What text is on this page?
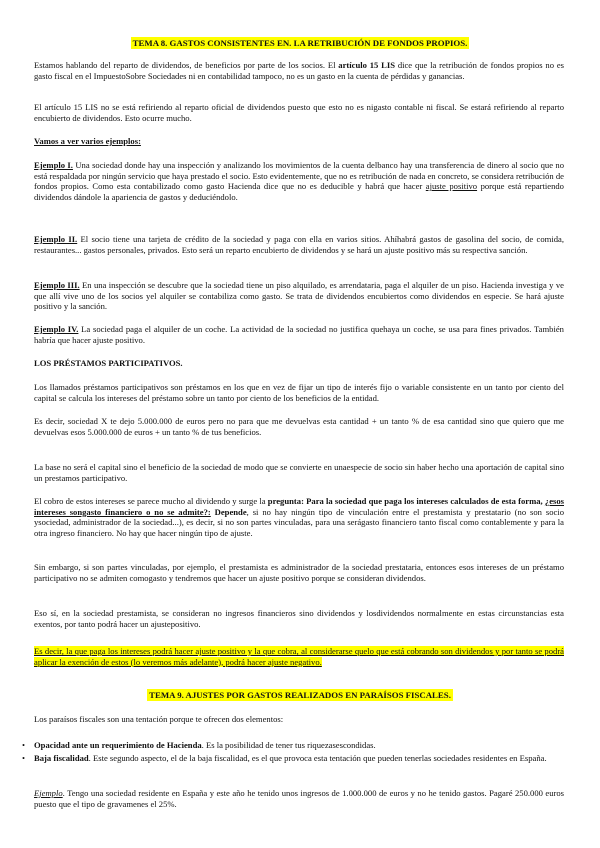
TEMA 8. GASTOS CONSISTENTES EN. LA RETRIBUCIÓN DE FONDOS PROPIOS.
Estamos hablando del reparto de dividendos, de beneficios por parte de los socios. El artículo 15 LIS dice que la retribución de fondos propios no es gasto fiscal en el ImpuestoSobre Sociedades ni en contabilidad tampoco, no es un gasto en la cuenta de pérdidas y ganancias.
El artículo 15 LIS no se está refiriendo al reparto oficial de dividendos puesto que esto no es nigasto contable ni fiscal. Se estará refiriendo al reparto encubierto de dividendos. Esto ocurre mucho.
Vamos a ver varios ejemplos:
Ejemplo I. Una sociedad donde hay una inspección y analizando los movimientos de la cuenta delbanco hay una transferencia de dinero al socio que no está respaldada por ningún servicio que haya prestado el socio. Esto evidentemente, que no es retribución de nada en concreto, se considera retribución de fondos propios. Como esta contabilizado como gasto Hacienda dice que no es deducible y habrá que hacer ajuste positivo porque está repartiendo dividendos dándole la apariencia de gastos y deduciéndolo.
Ejemplo II. El socio tiene una tarjeta de crédito de la sociedad y paga con ella en varios sitios. Ahíhabrá gastos de gasolina del socio, de comida, restaurantes... gastos personales, privados. Esto será un reparto encubierto de dividendos y se hará un ajuste positivo más su respectiva sanción.
Ejemplo III. En una inspección se descubre que la sociedad tiene un piso alquilado, es arrendataria, paga el alquiler de un piso. Hacienda investiga y ve que allí vive uno de los socios yel alquiler se contabiliza como gasto. Se trata de dividendos encubiertos como dividendos en especie. Se hará ajuste positivo y la sanción.
Ejemplo IV. La sociedad paga el alquiler de un coche. La actividad de la sociedad no justifica quehaya un coche, se usa para fines privados. También habría que hacer ajuste positivo.
LOS PRÉSTAMOS PARTICIPATIVOS.
Los llamados préstamos participativos son préstamos en los que en vez de fijar un tipo de interés fijo o variable consistente en un tanto por ciento del capital se calcula los intereses del préstamo sobre un tanto por ciento de los beneficios de la entidad.
Es decir, sociedad X te dejo 5.000.000 de euros pero no para que me devuelvas esta cantidad + un tanto % de esa cantidad sino que quiero que me devuelvas esos 5.000.000 de euros + un tanto % de tus beneficios.
La base no será el capital sino el beneficio de la sociedad de modo que se convierte en unaespecie de socio sin haber hecho una aportación de capital sino un prestamos participativo.
El cobro de estos intereses se parece mucho al dividendo y surge la pregunta: Para la sociedad que paga los intereses calculados de esta forma, ¿esos intereses songasto financiero o no se admite?: Depende, si no hay ningún tipo de vinculación entre el prestamista y prestatario (no son socio ysociedad, administrador de la sociedad...), es decir, si no son partes vinculadas, para una serágasto financiero tanto fiscal como contablemente y para la otra ingreso financiero. No hay que hacer ningún tipo de ajuste.
Sin embargo, si son partes vinculadas, por ejemplo, el prestamista es administrador de la sociedad prestataria, entonces esos intereses de un préstamo participativo no se admiten comogasto y tendremos que hacer un ajuste positivo porque se consideran dividendos.
Eso sí, en la sociedad prestamista, se consideran no ingresos financieros sino dividendos y losdividendos normalmente en estas circunstancias esta exentos, por tanto podrá hacer un ajustepositivo.
Es decir, la que paga los intereses podrá hacer ajuste positivo y la que cobra, al considerarse quelo que está cobrando son dividendos y por tanto se podrá aplicar la exención de estos (lo veremos más adelante), podrá hacer ajuste negativo.
TEMA 9. AJUSTES POR GASTOS REALIZADOS EN PARAÍSOS FISCALES.
Los paraísos fiscales son una tentación porque te ofrecen dos elementos:
• Opacidad ante un requerimiento de Hacienda. Es la posibilidad de tener tus riquezasescondidas.
•	Baja fiscalidad. Este segundo aspecto, el de la baja fiscalidad, es el que provoca esta tentación que pueden tenerlas sociedades residentes en España.
Ejemplo. Tengo una sociedad residente en España y este año he tenido unos ingresos de 1.000.000 de euros y no he tenido gastos. Pagaré 250.000 euros puesto que el tipo de gravamenes el 25%.
